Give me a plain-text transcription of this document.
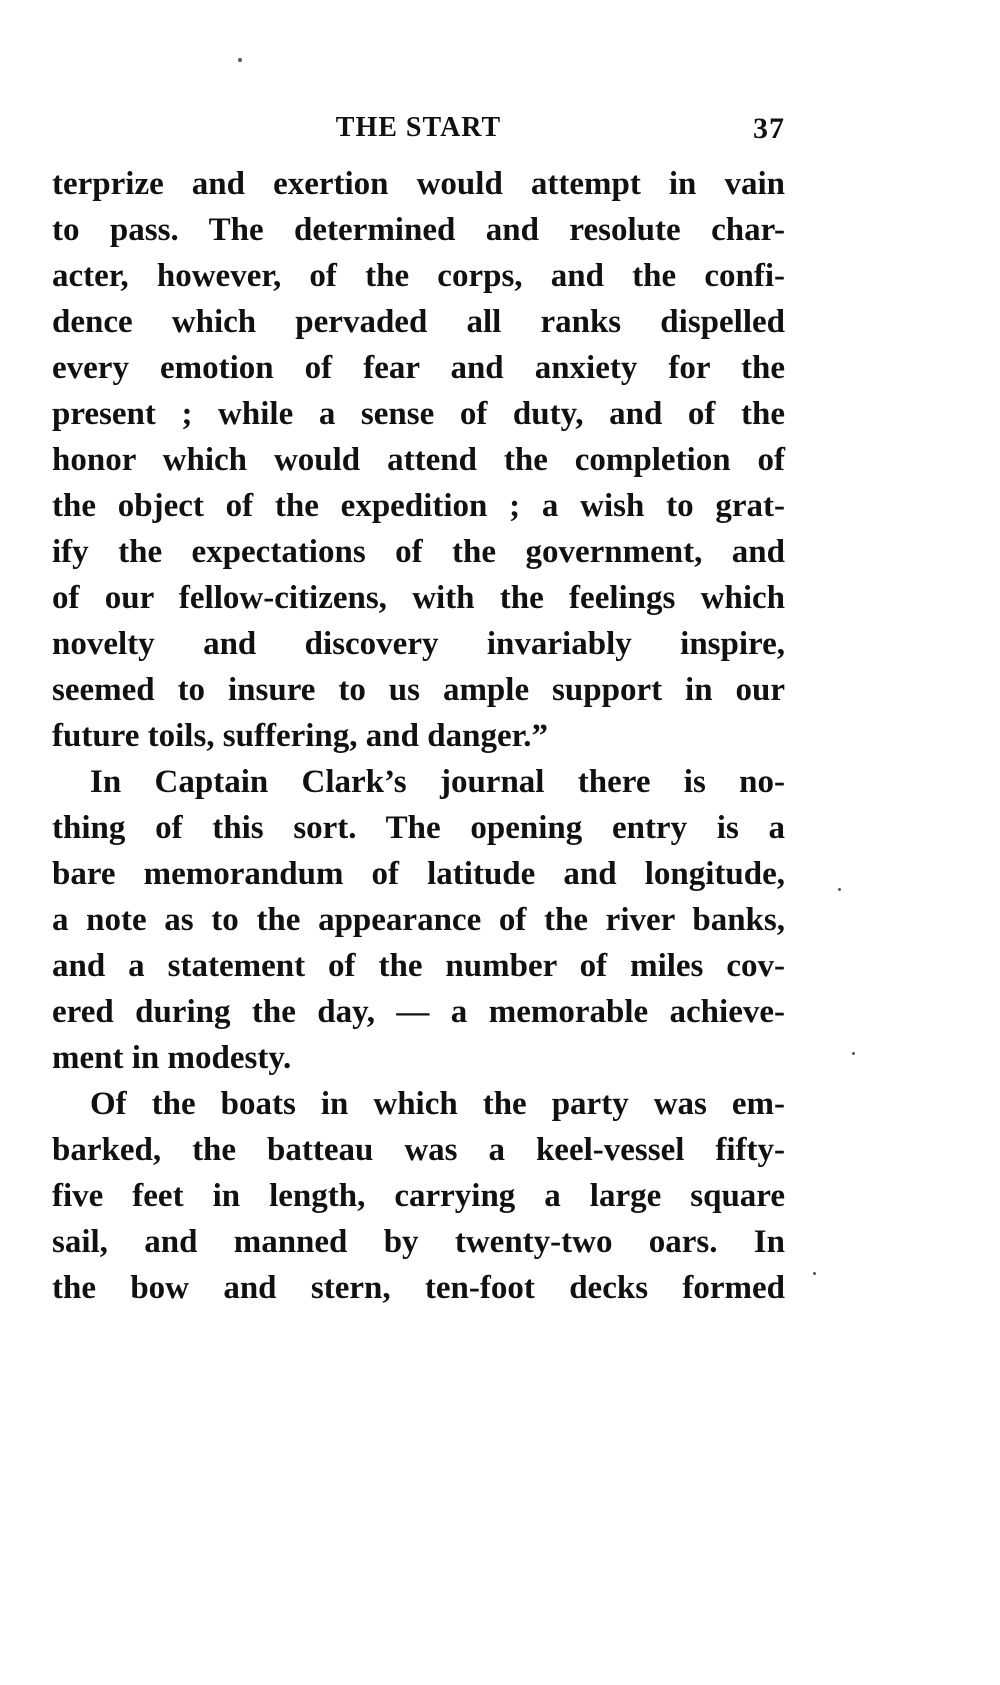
THE START	37
terprize and exertion would attempt in vain
to pass. The determined and resolute char-
acter, however, of the corps, and the confi-
dence which pervaded all ranks dispelled
every emotion of fear and anxiety for the
present ; while a sense of duty, and of the
honor which would attend the completion of
the object of the expedition ; a wish to grat-
ify the expectations of the government, and
of our fellow-citizens, with the feelings which
novelty and discovery invariably inspire,
seemed to insure to us ample support in our
future toils, suffering, and danger.”
In Captain Clark’s journal there is no-
thing of this sort. The opening entry is a
bare memorandum of latitude and longitude,
a note as to the appearance of the river banks,
and a statement of the number of miles cov-
ered during the day, — a memorable achieve-
ment in modesty.
Of the boats in which the party was em-
barked, the batteau was a keel-vessel fifty-
five feet in length, carrying a large square
sail, and manned by twenty-two oars. In
the bow and stern, ten-foot decks formed
